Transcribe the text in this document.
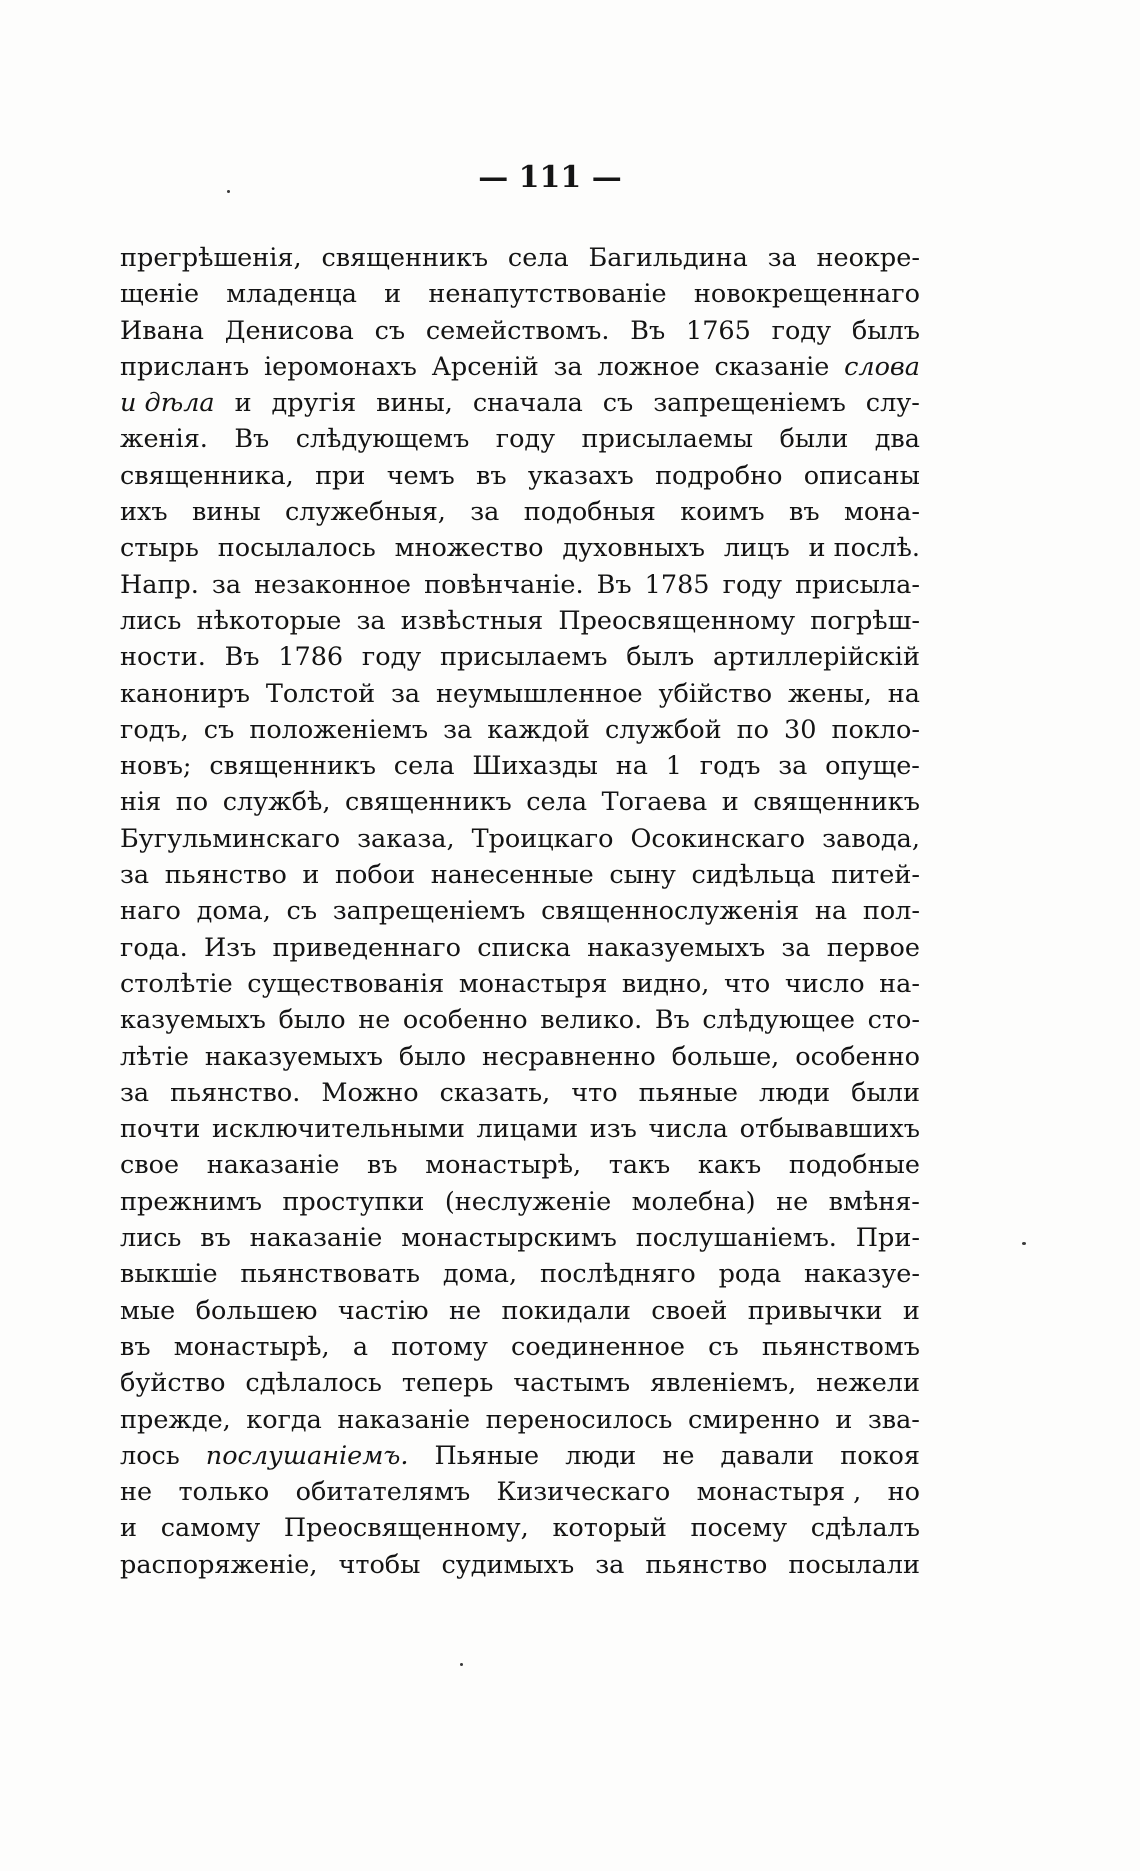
— 111 —
прегрѣшенія, священникъ села Багильдина за неокре-
щеніе младенца и ненапутствованіе новокрещеннаго
Ивана Денисова съ семействомъ. Въ 1765 году былъ
присланъ іеромонахъ Арсеній за ложное сказаніе слова
и дѣла и другія вины, сначала съ запрещеніемъ слу-
женія. Въ слѣдующемъ году присылаемы были два
священника, при чемъ въ указахъ подробно описаны
ихъ вины служебныя, за подобныя коимъ въ мона-
стырь посылалось множество духовныхъ лицъ и послѣ.
Напр. за незаконное повѣнчаніе. Въ 1785 году присыла-
лись нѣкоторые за извѣстныя Преосвященному погрѣш-
ности. Въ 1786 году присылаемъ былъ артиллерійскій
канониръ Толстой за неумышленное убійство жены, на
годъ, съ положеніемъ за каждой службой по 30 покло-
новъ; священникъ села Шихазды на 1 годъ за опуще-
нія по службѣ, священникъ села Тогаева и священникъ
Бугульминскаго заказа, Троицкаго Осокинскаго завода,
за пьянство и побои нанесенные сыну сидѣльца питей-
наго дома, съ запрещеніемъ священнослуженія на пол-
года. Изъ приведеннаго списка наказуемыхъ за первое
столѣтіе существованія монастыря видно, что число на-
казуемыхъ было не особенно велико. Въ слѣдующее сто-
лѣтіе наказуемыхъ было несравненно больше, особенно
за пьянство. Можно сказать, что пьяные люди были
почти исключительными лицами изъ числа отбывавшихъ
свое наказаніе въ монастырѣ, такъ какъ подобные
прежнимъ проступки (неслуженіе молебна) не вмѣня-
лись въ наказаніе монастырскимъ послушаніемъ. При-
выкшіе пьянствовать дома, послѣдняго рода наказуе-
мые большею частію не покидали своей привычки и
въ монастырѣ, а потому соединенное съ пьянствомъ
буйство сдѣлалось теперь частымъ явленіемъ, нежели
прежде, когда наказаніе переносилось смиренно и зва-
лось послушаніемъ. Пьяные люди не давали покоя
не только обитателямъ Кизическаго монастыря , но
и самому Преосвященному, который посему сдѣлалъ
распоряженіе, чтобы судимыхъ за пьянство посылали
